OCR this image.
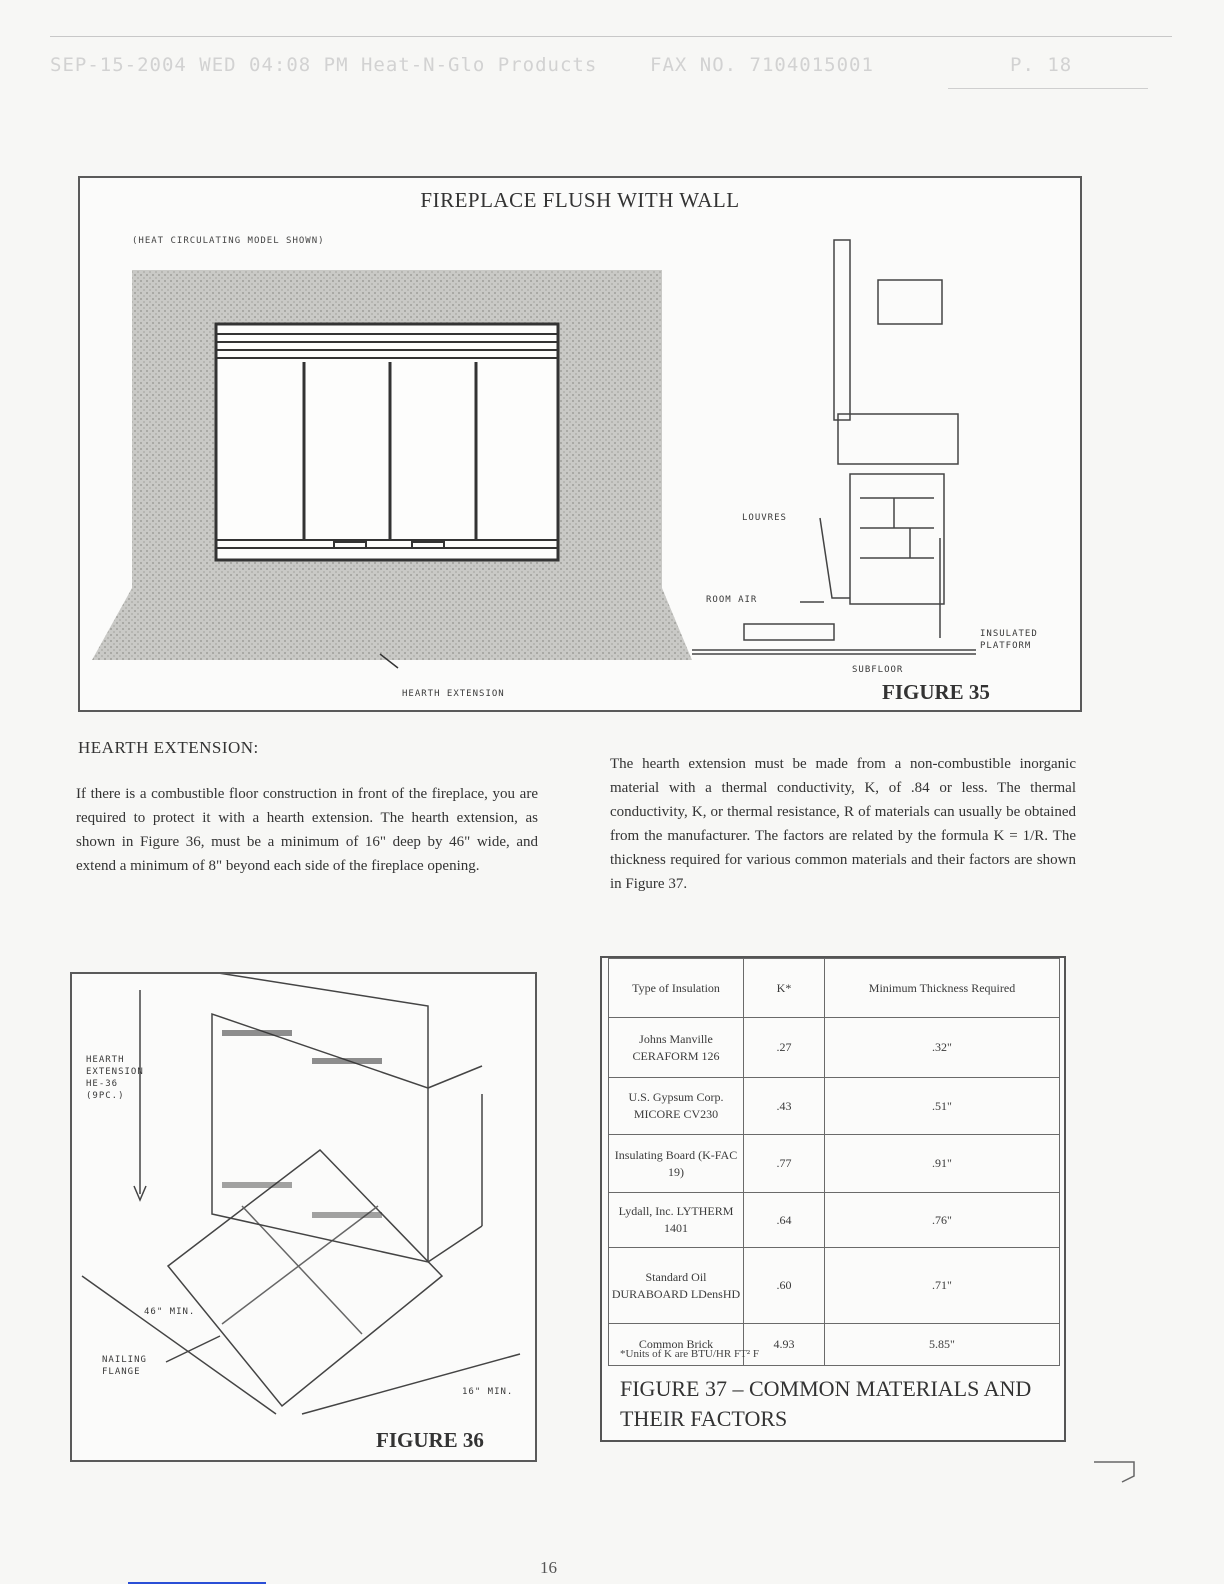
SEP-15-2004 WED 04:08 PM Heat-N-Glo Products	FAX NO. 7104015001	P. 18
FIREPLACE FLUSH WITH WALL
(HEAT CIRCULATING MODEL SHOWN)
LOUVRES
ROOM AIR
INSULATED PLATFORM
SUBFLOOR
HEARTH EXTENSION	FIGURE 35
HEARTH EXTENSION:
If there is a combustible floor construction in front of the fireplace, you are required to protect it with a hearth extension. The hearth extension, as shown in Figure 36, must be a minimum of 16" deep by 46" wide, and extend a minimum of 8" beyond each side of the fireplace opening.
The hearth extension must be made from a non-combustible inorganic material with a thermal conductivity, K, of .84 or less. The thermal conductivity, K, or thermal resistance, R of materials can usually be obtained from the manufacturer. The factors are related by the formula K = 1/R. The thickness required for various common materials and their factors are shown in Figure 37.
HEARTH EXTENSION HE-36 (9PC.)
46" MIN.
NAILING FLANGE
16" MIN.
FIGURE 36
Type of Insulation	K*	Minimum Thickness Required
Johns Manville CERAFORM 126	.27	.32"
U.S. Gypsum Corp. MICORE CV230	.43	.51"
Insulating Board (K-FAC 19)	.77	.91"
Lydall, Inc. LYTHERM 1401	.64	.76"
Standard Oil DURABOARD LDensHD	.60	.71"
Common Brick	4.93	5.85"
*Units of K are BTU/HR FT² F
FIGURE 37 – COMMON MATERIALS AND THEIR FACTORS
16
